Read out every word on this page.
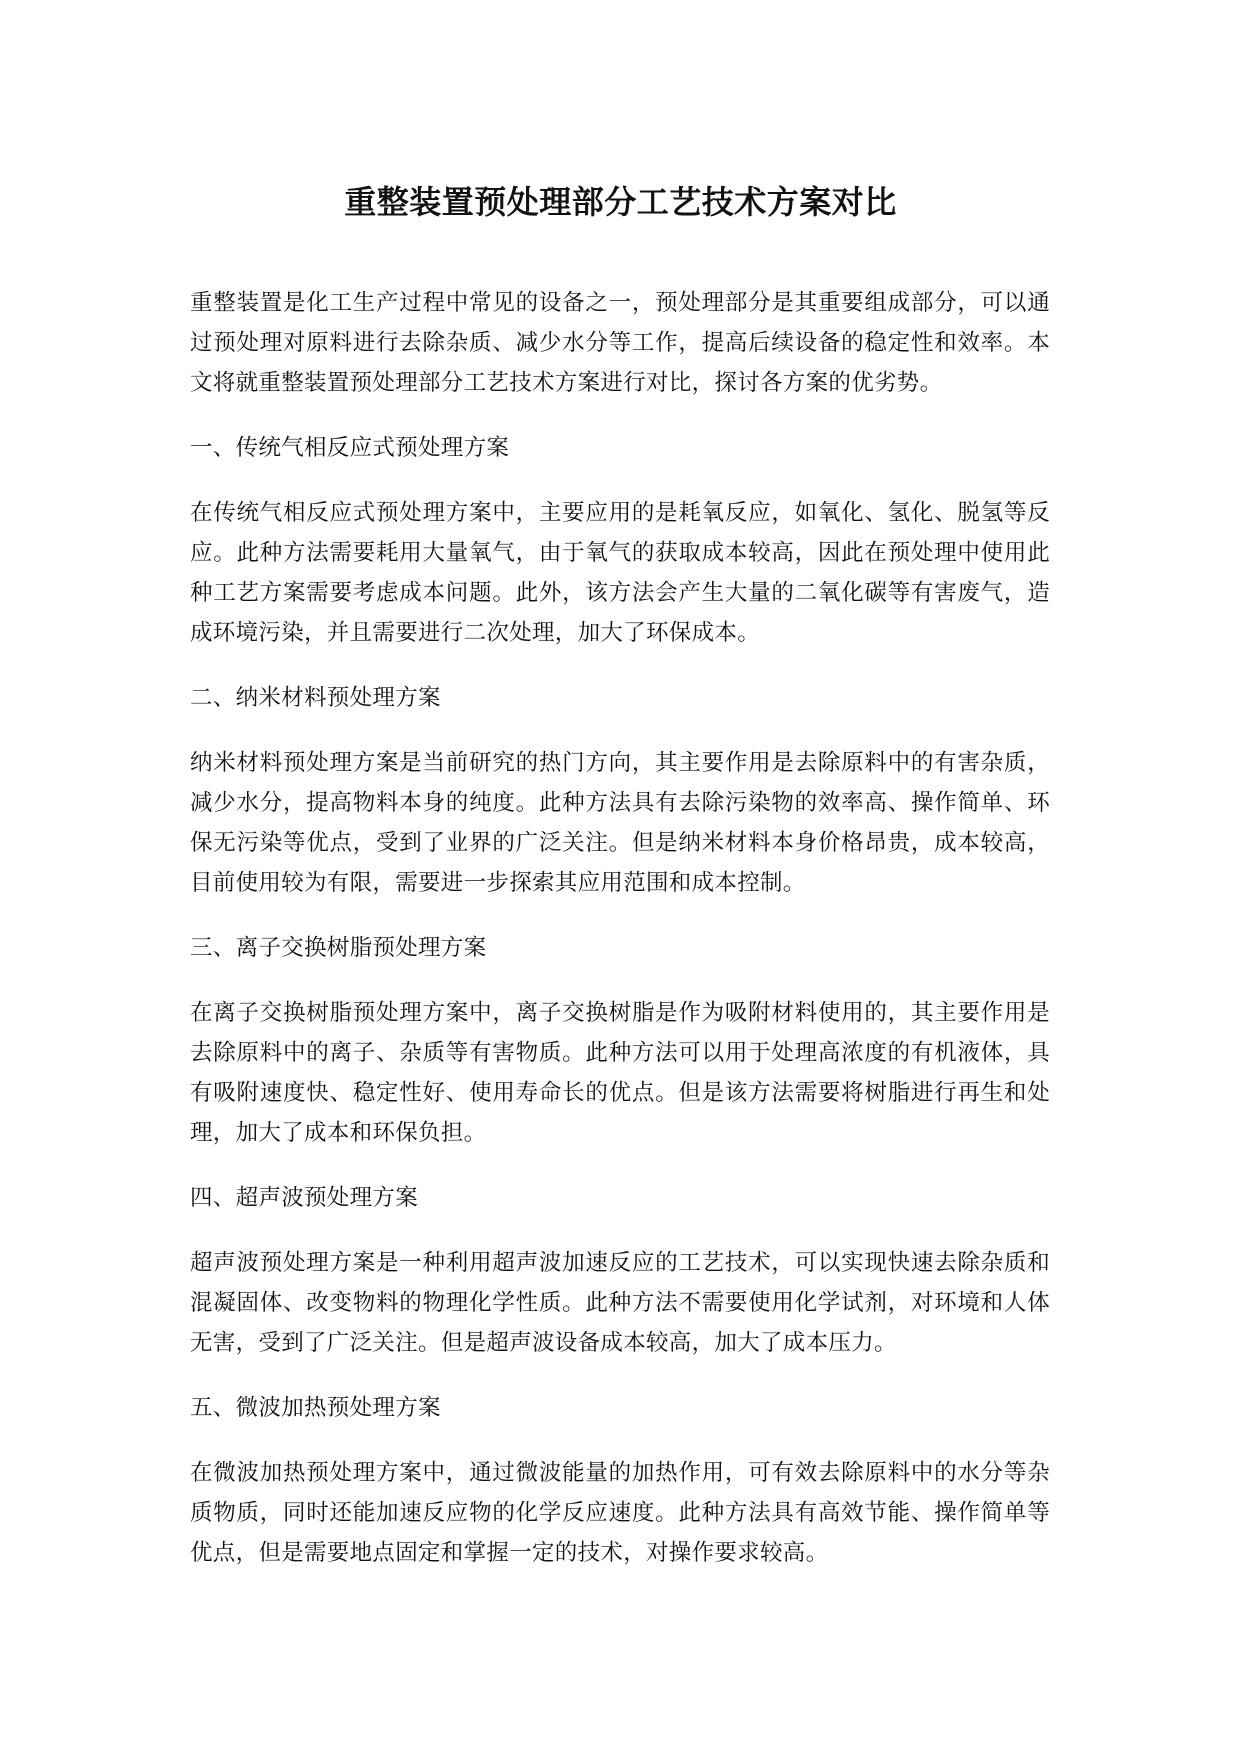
重整装置预处理部分工艺技术方案对比

重整装置是化工生产过程中常见的设备之一，预处理部分是其重要组成部分，可以通过预处理对原料进行去除杂质、减少水分等工作，提高后续设备的稳定性和效率。本文将就重整装置预处理部分工艺技术方案进行对比，探讨各方案的优劣势。

一、传统气相反应式预处理方案

在传统气相反应式预处理方案中，主要应用的是耗氧反应，如氧化、氢化、脱氢等反应。此种方法需要耗用大量氧气，由于氧气的获取成本较高，因此在预处理中使用此种工艺方案需要考虑成本问题。此外，该方法会产生大量的二氧化碳等有害废气，造成环境污染，并且需要进行二次处理，加大了环保成本。

二、纳米材料预处理方案

纳米材料预处理方案是当前研究的热门方向，其主要作用是去除原料中的有害杂质，减少水分，提高物料本身的纯度。此种方法具有去除污染物的效率高、操作简单、环保无污染等优点，受到了业界的广泛关注。但是纳米材料本身价格昂贵，成本较高，目前使用较为有限，需要进一步探索其应用范围和成本控制。

三、离子交换树脂预处理方案

在离子交换树脂预处理方案中，离子交换树脂是作为吸附材料使用的，其主要作用是去除原料中的离子、杂质等有害物质。此种方法可以用于处理高浓度的有机液体，具有吸附速度快、稳定性好、使用寿命长的优点。但是该方法需要将树脂进行再生和处理，加大了成本和环保负担。

四、超声波预处理方案

超声波预处理方案是一种利用超声波加速反应的工艺技术，可以实现快速去除杂质和混凝固体、改变物料的物理化学性质。此种方法不需要使用化学试剂，对环境和人体无害，受到了广泛关注。但是超声波设备成本较高，加大了成本压力。

五、微波加热预处理方案

在微波加热预处理方案中，通过微波能量的加热作用，可有效去除原料中的水分等杂质物质，同时还能加速反应物的化学反应速度。此种方法具有高效节能、操作简单等优点，但是需要地点固定和掌握一定的技术，对操作要求较高。
